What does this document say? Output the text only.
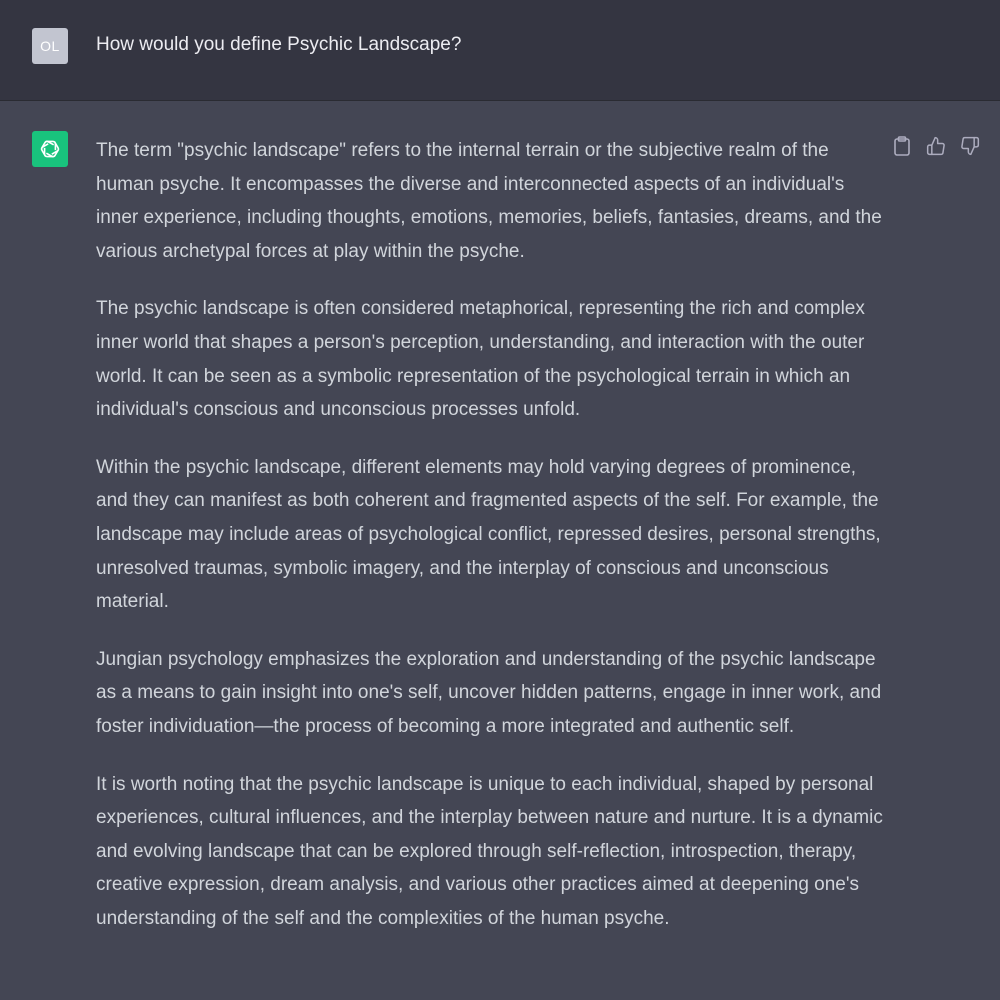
OL	How would you define Psychic Landscape?

The term "psychic landscape" refers to the internal terrain or the subjective realm of the human psyche. It encompasses the diverse and interconnected aspects of an individual's inner experience, including thoughts, emotions, memories, beliefs, fantasies, dreams, and the various archetypal forces at play within the psyche.

The psychic landscape is often considered metaphorical, representing the rich and complex inner world that shapes a person's perception, understanding, and interaction with the outer world. It can be seen as a symbolic representation of the psychological terrain in which an individual's conscious and unconscious processes unfold.

Within the psychic landscape, different elements may hold varying degrees of prominence, and they can manifest as both coherent and fragmented aspects of the self. For example, the landscape may include areas of psychological conflict, repressed desires, personal strengths, unresolved traumas, symbolic imagery, and the interplay of conscious and unconscious material.

Jungian psychology emphasizes the exploration and understanding of the psychic landscape as a means to gain insight into one's self, uncover hidden patterns, engage in inner work, and foster individuation—the process of becoming a more integrated and authentic self.

It is worth noting that the psychic landscape is unique to each individual, shaped by personal experiences, cultural influences, and the interplay between nature and nurture. It is a dynamic and evolving landscape that can be explored through self-reflection, introspection, therapy, creative expression, dream analysis, and various other practices aimed at deepening one's understanding of the self and the complexities of the human psyche.
